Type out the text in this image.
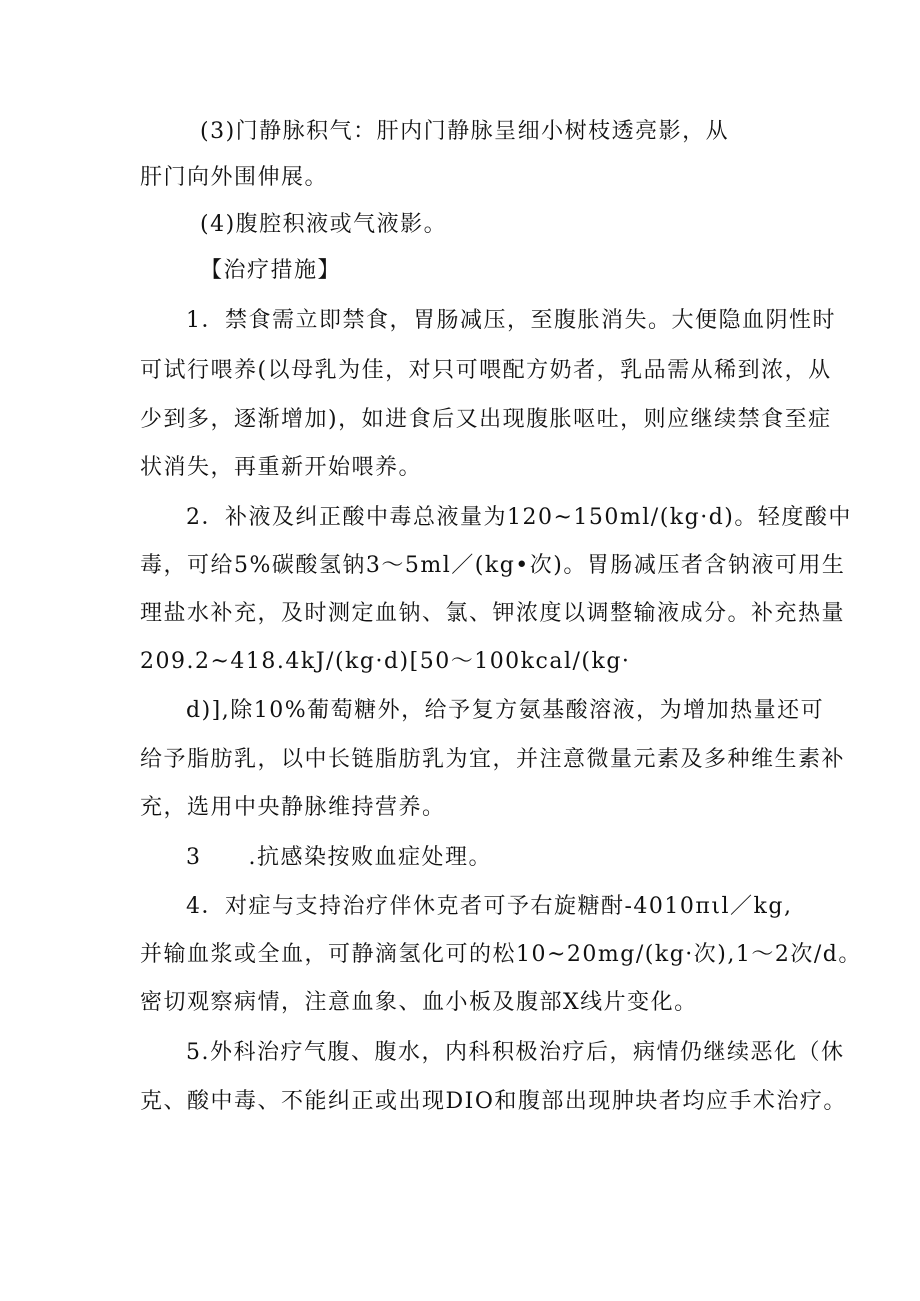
(3)门静脉积气：肝内门静脉呈细小树枝透亮影，从
肝门向外围伸展。
(4)腹腔积液或气液影。
【治疗措施】
1．禁食需立即禁食，胃肠减压，至腹胀消失。大便隐血阴性时
可试行喂养(以母乳为佳，对只可喂配方奶者，乳品需从稀到浓，从
少到多，逐渐增加)，如进食后又出现腹胀呕吐，则应继续禁食至症
状消失，再重新开始喂养。
2．补液及纠正酸中毒总液量为120~150ml/(kg·d)。轻度酸中
毒，可给5%碳酸氢钠3～5ml／(kg•次)。胃肠减压者含钠液可用生
理盐水补充，及时测定血钠、氯、钾浓度以调整输液成分。补充热量
209.2~418.4kJ/(kg·d)[50～100kcal/(kg·
d)],除10%葡萄糖外，给予复方氨基酸溶液，为增加热量还可
给予脂肪乳，以中长链脂肪乳为宜，并注意微量元素及多种维生素补
充，选用中央静脉维持营养。
3　　.抗感染按败血症处理。
4．对症与支持治疗伴休克者可予右旋糖酎-4010πιl／kg,
并输血浆或全血，可静滴氢化可的松10~20mg/(kg·次),1～2次/d。
密切观察病情，注意血象、血小板及腹部X线片变化。
5.外科治疗气腹、腹水，内科积极治疗后，病情仍继续恶化（休
克、酸中毒、不能纠正或出现DIO和腹部出现肿块者均应手术治疗。
